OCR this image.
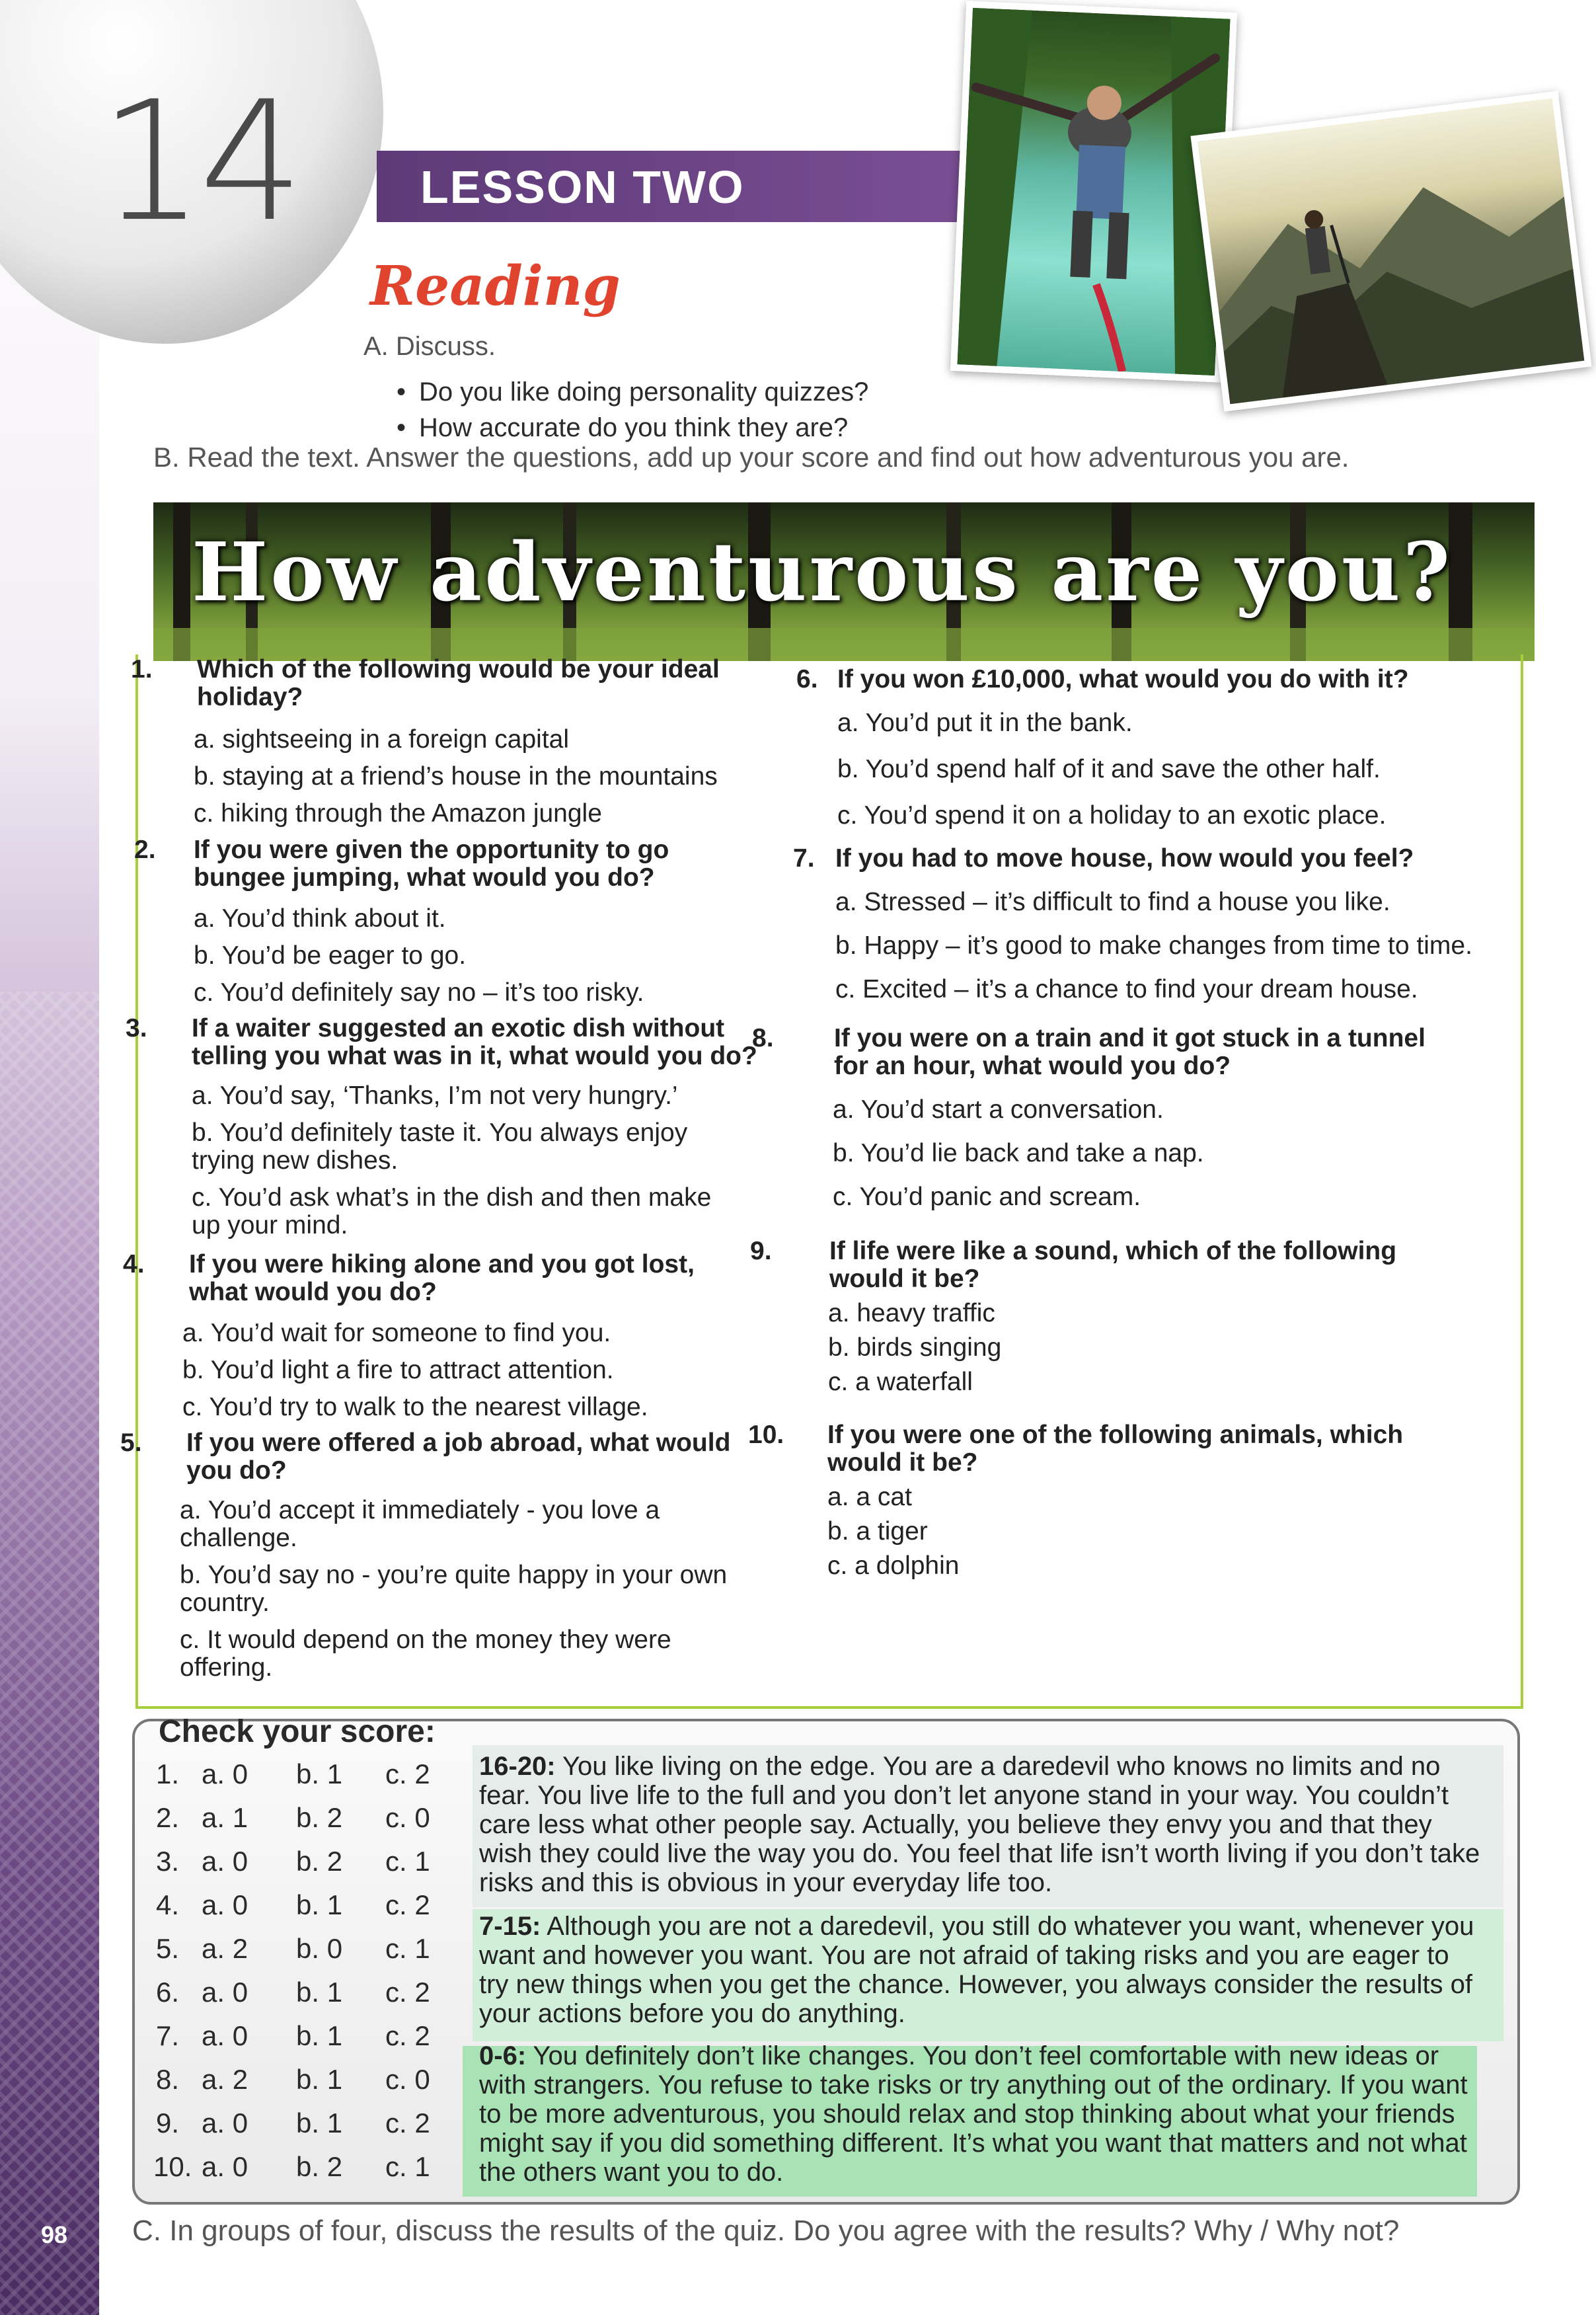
14	LESSON TWO
Reading
A. Discuss.
• Do you like doing personality quizzes?
• How accurate do you think they are?
B. Read the text. Answer the questions, add up your score and find out how adventurous you are.
How adventurous are you?
1. Which of the following would be your ideal holiday?
a. sightseeing in a foreign capital
b. staying at a friend’s house in the mountains
c. hiking through the Amazon jungle
2. If you were given the opportunity to go bungee jumping, what would you do?
a. You’d think about it.
b. You’d be eager to go.
c. You’d definitely say no – it’s too risky.
3. If a waiter suggested an exotic dish without telling you what was in it, what would you do?
a. You’d say, ‘Thanks, I’m not very hungry.’
b. You’d definitely taste it. You always enjoy trying new dishes.
c. You’d ask what’s in the dish and then make up your mind.
4. If you were hiking alone and you got lost, what would you do?
a. You’d wait for someone to find you.
b. You’d light a fire to attract attention.
c. You’d try to walk to the nearest village.
5. If you were offered a job abroad, what would you do?
a. You’d accept it immediately - you love a challenge.
b. You’d say no - you’re quite happy in your own country.
c. It would depend on the money they were offering.
6. If you won £10,000, what would you do with it?
a. You’d put it in the bank.
b. You’d spend half of it and save the other half.
c. You’d spend it on a holiday to an exotic place.
7. If you had to move house, how would you feel?
a. Stressed – it’s difficult to find a house you like.
b. Happy – it’s good to make changes from time to time.
c. Excited – it’s a chance to find your dream house.
8. If you were on a train and it got stuck in a tunnel for an hour, what would you do?
a. You’d start a conversation.
b. You’d lie back and take a nap.
c. You’d panic and scream.
9. If life were like a sound, which of the following would it be?
a. heavy traffic
b. birds singing
c. a waterfall
10. If you were one of the following animals, which would it be?
a. a cat
b. a tiger
c. a dolphin
Check your score:
16-20: You like living on the edge. You are a daredevil who knows no limits and no fear. You live life to the full and you don’t let anyone stand in your way. You couldn’t care less what other people say. Actually, you believe they envy you and that they wish they could live the way you do. You feel that life isn’t worth living if you don’t take risks and this is obvious in your everyday life too.
7-15: Although you are not a daredevil, you still do whatever you want, whenever you want and however you want. You are not afraid of taking risks and you are eager to try new things when you get the chance. However, you always consider the results of your actions before you do anything.
0-6: You definitely don’t like changes. You don’t feel comfortable with new ideas or with strangers. You refuse to take risks or try anything out of the ordinary. If you want to be more adventurous, you should relax and stop thinking about what your friends might say if you did something different. It’s what you want that matters and not what the others want you to do.
1. a. 0 b. 1 c. 2
2. a. 1 b. 2 c. 0
3. a. 0 b. 2 c. 1
4. a. 0 b. 1 c. 2
5. a. 2 b. 0 c. 1
6. a. 0 b. 1 c. 2
7. a. 0 b. 1 c. 2
8. a. 2 b. 1 c. 0
9. a. 0 b. 1 c. 2
10. a. 0 b. 2 c. 1
98 C. In groups of four, discuss the results of the quiz. Do you agree with the results? Why / Why not?
